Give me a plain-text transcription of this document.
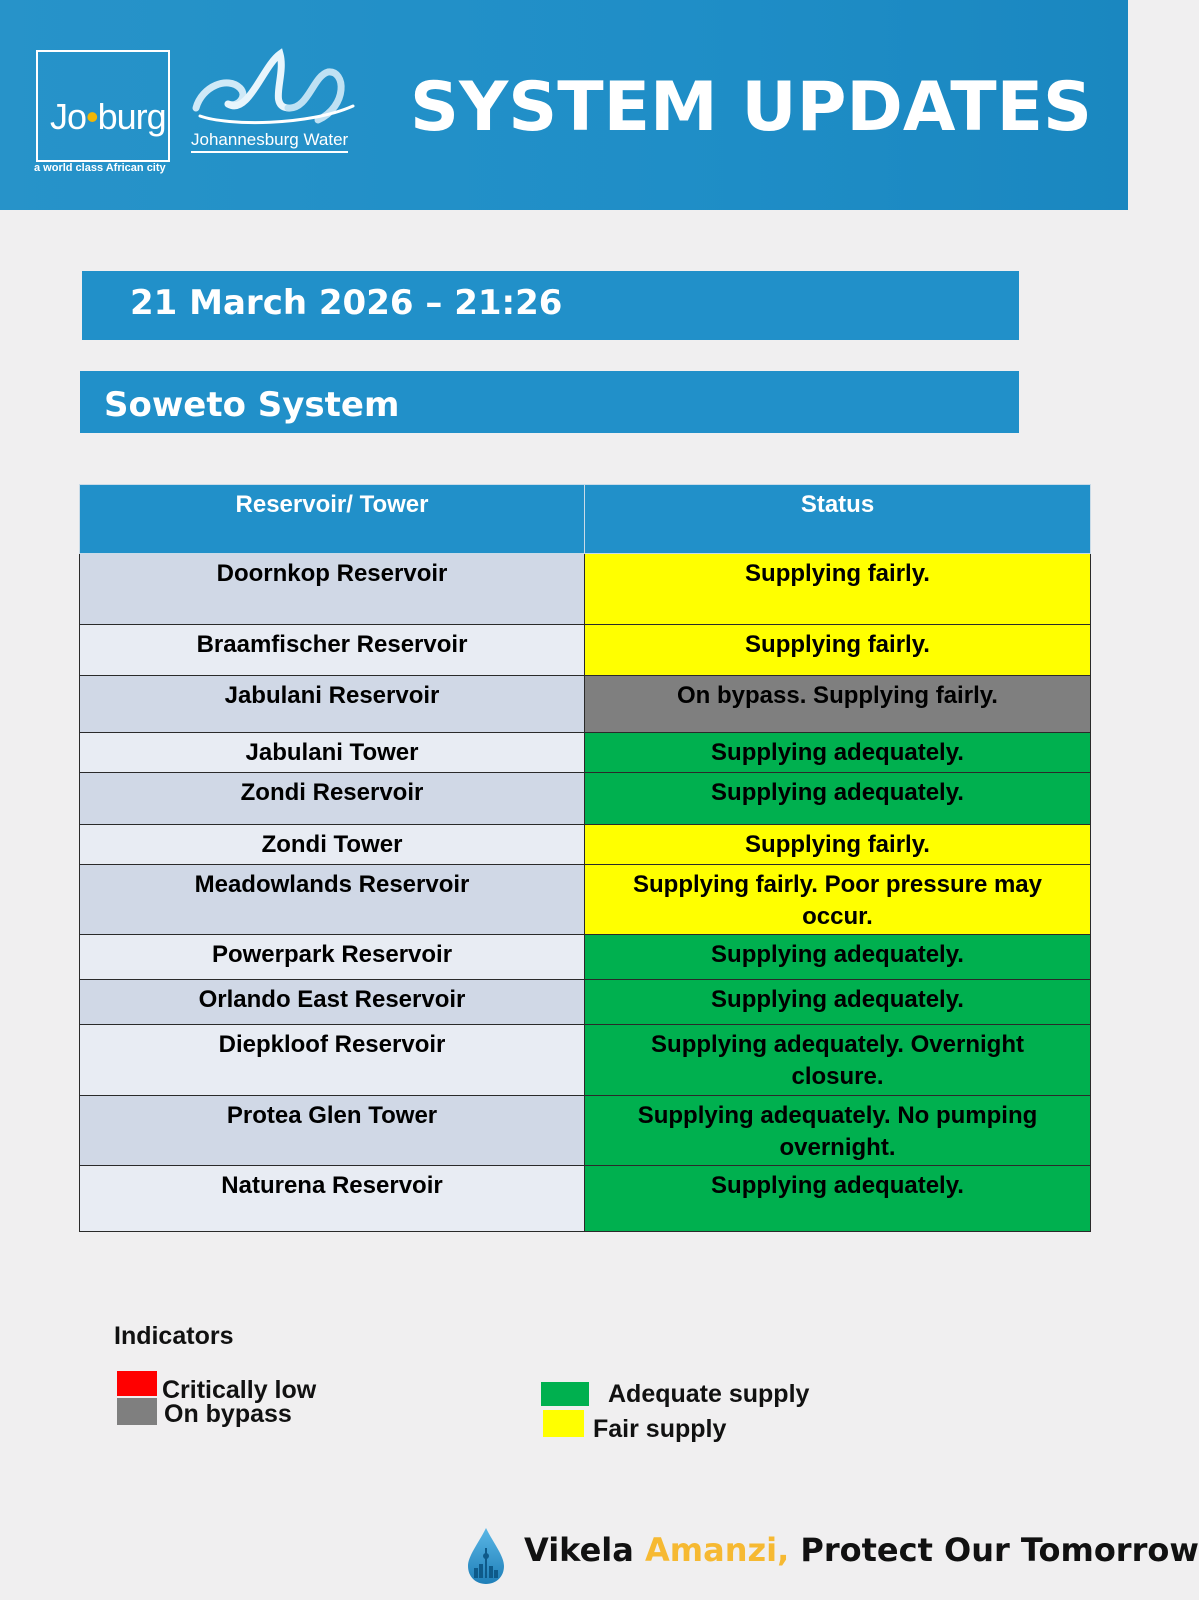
Jo•burg
a world class African city
Johannesburg Water SYSTEM UPDATES
21 March 2026 – 21:26
Soweto System
Reservoir/ Tower	Status
Doornkop Reservoir	Supplying fairly.
Braamfischer Reservoir	Supplying fairly.
Jabulani Reservoir	On bypass. Supplying fairly.
Jabulani Tower	Supplying adequately.
Zondi Reservoir	Supplying adequately.
Zondi Tower	Supplying fairly.
Meadowlands Reservoir	Supplying fairly. Poor pressure may occur.
Powerpark Reservoir	Supplying adequately.
Orlando East Reservoir	Supplying adequately.
Diepkloof Reservoir	Supplying adequately. Overnight closure.
Protea Glen Tower	Supplying adequately. No pumping overnight.
Naturena Reservoir	Supplying adequately.
Indicators
Critically low
On bypass
Adequate supply
Fair supply
Vikela Amanzi, Protect Our Tomorrow
